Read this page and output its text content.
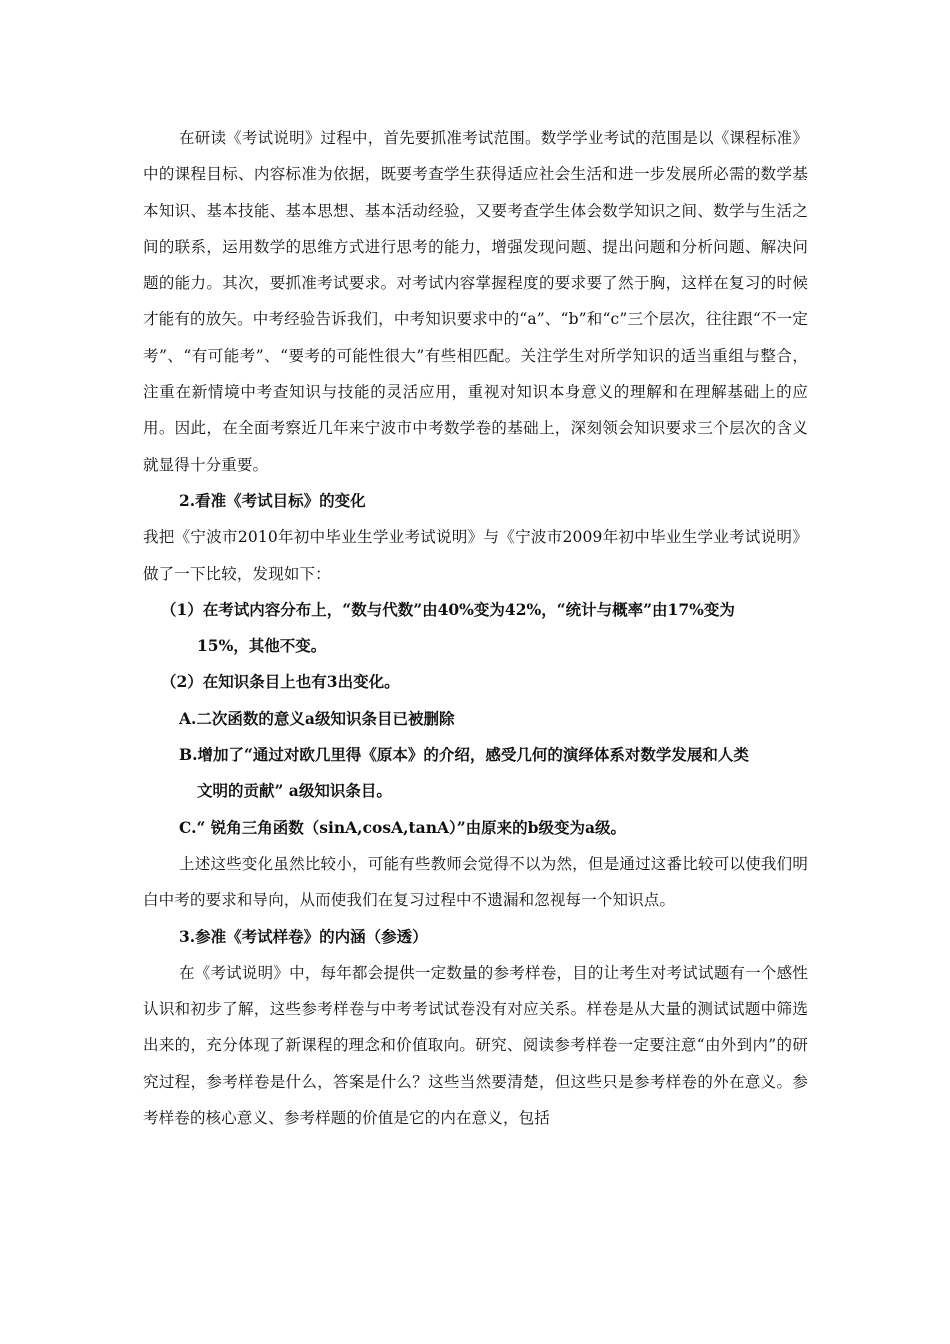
在研读《考试说明》过程中，首先要抓准考试范围。数学学业考试的范围是以《课程标准》中的课程目标、内容标准为依据，既要考查学生获得适应社会生活和进一步发展所必需的数学基本知识、基本技能、基本思想、基本活动经验，又要考查学生体会数学知识之间、数学与生活之间的联系，运用数学的思维方式进行思考的能力，增强发现问题、提出问题和分析问题、解决问题的能力。其次，要抓准考试要求。对考试内容掌握程度的要求要了然于胸，这样在复习的时候才能有的放矢。中考经验告诉我们，中考知识要求中的“a”、“b”和“c”三个层次，往往跟“不一定考”、“有可能考”、“要考的可能性很大”有些相匹配。关注学生对所学知识的适当重组与整合，注重在新情境中考查知识与技能的灵活应用，重视对知识本身意义的理解和在理解基础上的应用。因此，在全面考察近几年来宁波市中考数学卷的基础上，深刻领会知识要求三个层次的含义就显得十分重要。

2.看准《考试目标》的变化

我把《宁波市2010年初中毕业生学业考试说明》与《宁波市2009年初中毕业生学业考试说明》做了一下比较，发现如下：

（1）在考试内容分布上，“数与代数”由40%变为42%，“统计与概率”由17%变为
15%，其他不变。

（2）在知识条目上也有3出变化。

A.二次函数的意义a级知识条目已被删除

B.增加了“通过对欧几里得《原本》的介绍，感受几何的演绎体系对数学发展和人类
文明的贡献” a级知识条目。

C.“ 锐角三角函数（sinA,cosA,tanA）”由原来的b级变为a级。

上述这些变化虽然比较小，可能有些教师会觉得不以为然，但是通过这番比较可以使我们明白中考的要求和导向，从而使我们在复习过程中不遗漏和忽视每一个知识点。

3.参准《考试样卷》的内涵（参透）

在《考试说明》中，每年都会提供一定数量的参考样卷，目的让考生对考试试题有一个感性认识和初步了解，这些参考样卷与中考考试试卷没有对应关系。样卷是从大量的测试试题中筛选出来的，充分体现了新课程的理念和价值取向。研究、阅读参考样卷一定要注意“由外到内”的研究过程，参考样卷是什么，答案是什么？这些当然要清楚，但这些只是参考样卷的外在意义。参考样卷的核心意义、参考样题的价值是它的内在意义，包括
